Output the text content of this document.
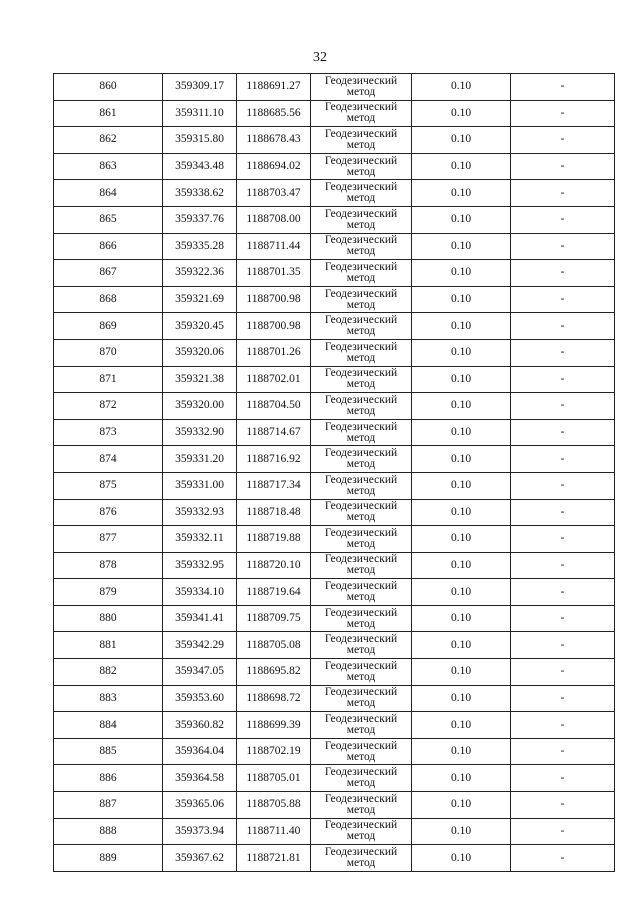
32
860	359309.17	1188691.27	Геодезический метод	0.10	-
861	359311.10	1188685.56	Геодезический метод	0.10	-
862	359315.80	1188678.43	Геодезический метод	0.10	-
863	359343.48	1188694.02	Геодезический метод	0.10	-
864	359338.62	1188703.47	Геодезический метод	0.10	-
865	359337.76	1188708.00	Геодезический метод	0.10	-
866	359335.28	1188711.44	Геодезический метод	0.10	-
867	359322.36	1188701.35	Геодезический метод	0.10	-
868	359321.69	1188700.98	Геодезический метод	0.10	-
869	359320.45	1188700.98	Геодезический метод	0.10	-
870	359320.06	1188701.26	Геодезический метод	0.10	-
871	359321.38	1188702.01	Геодезический метод	0.10	-
872	359320.00	1188704.50	Геодезический метод	0.10	-
873	359332.90	1188714.67	Геодезический метод	0.10	-
874	359331.20	1188716.92	Геодезический метод	0.10	-
875	359331.00	1188717.34	Геодезический метод	0.10	-
876	359332.93	1188718.48	Геодезический метод	0.10	-
877	359332.11	1188719.88	Геодезический метод	0.10	-
878	359332.95	1188720.10	Геодезический метод	0.10	-
879	359334.10	1188719.64	Геодезический метод	0.10	-
880	359341.41	1188709.75	Геодезический метод	0.10	-
881	359342.29	1188705.08	Геодезический метод	0.10	-
882	359347.05	1188695.82	Геодезический метод	0.10	-
883	359353.60	1188698.72	Геодезический метод	0.10	-
884	359360.82	1188699.39	Геодезический метод	0.10	-
885	359364.04	1188702.19	Геодезический метод	0.10	-
886	359364.58	1188705.01	Геодезический метод	0.10	-
887	359365.06	1188705.88	Геодезический метод	0.10	-
888	359373.94	1188711.40	Геодезический метод	0.10	-
889	359367.62	1188721.81	Геодезический метод	0.10	-
